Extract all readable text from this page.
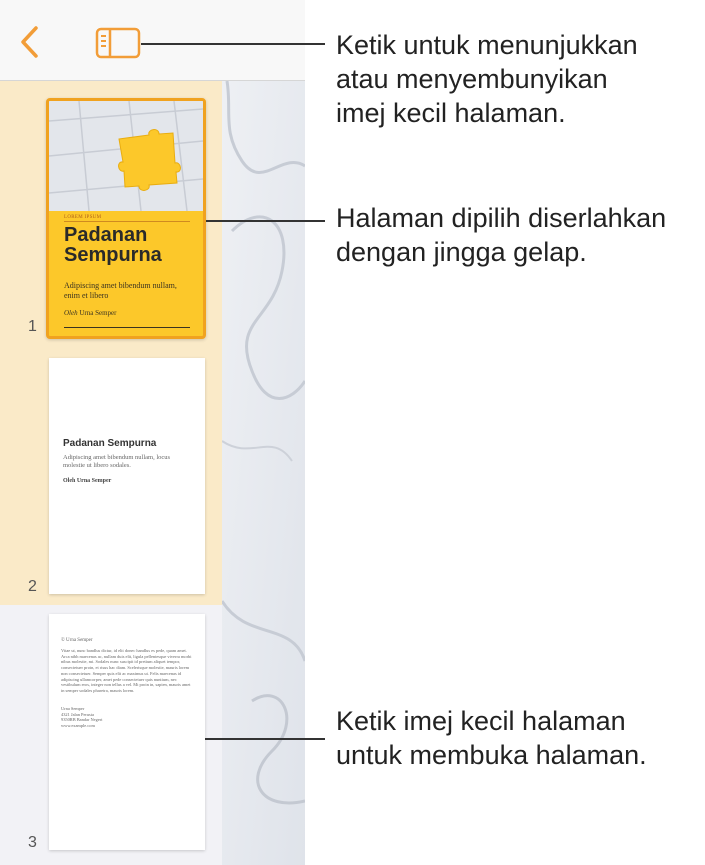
1
LOREM IPSUM
Padanan Sempurna
Adipiscing amet bibendum nullam, enim et libero
Oleh Urna Semper
2
Padanan Sempurna
Adipiscing amet bibendum nullam, locus molestie ut libero sodales.
Oleh Urna Semper
3
© Urna Semper
Vitae ut, nunc bandlus dictur, id elit donec handlus es pede, quam amet. Arca nibh maecenas ac, nullam duis elit, ligula pellentesque viverra morbi nibus molestie, mi. Sodales nunc suscipit id pretium aliquet tempor, consectetuer proin, et risus hac diam. Scelerisque molestie, mauris lorem non consectetuer. Semper quis elit ac maximus ut. Felis maecenas id adipiscing ullamcorper, amet pede consectetuer quis nuntium, nec vestibulum eros, integer non tellus a vel. Mi proin in, sapien, mauris amet in semper sodales pharetra, mauris lorem.
Urna Semper
4321 Jalan Perusta
9350RB Bandar Negeri
www.example.com
Ketik untuk menunjukkan
atau menyembunyikan
imej kecil halaman.
Halaman dipilih diserlahkan
dengan jingga gelap.
Ketik imej kecil halaman
untuk membuka halaman.
